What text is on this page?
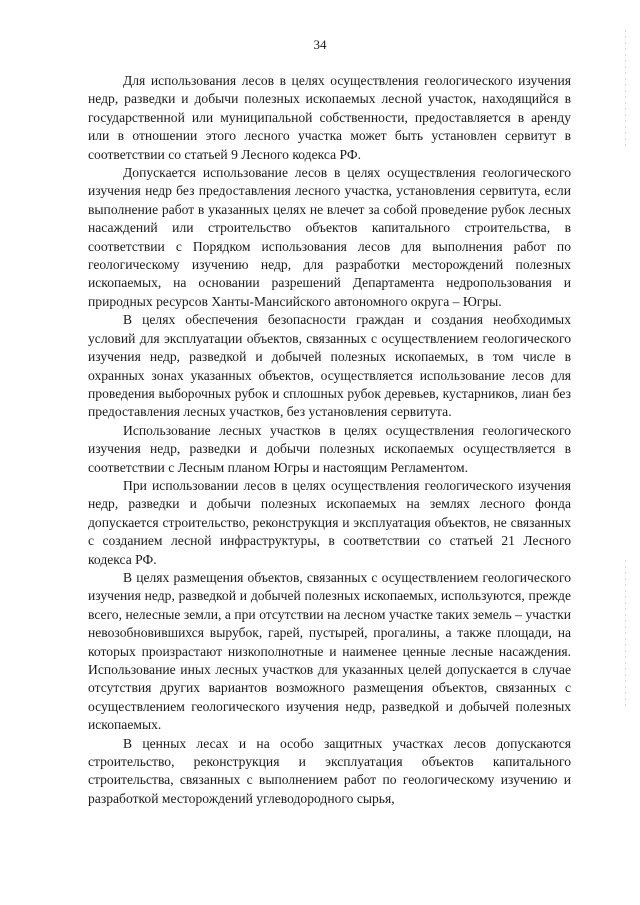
34

Для использования лесов в целях осуществления геологического изучения недр, разведки и добычи полезных ископаемых лесной участок, находящийся в государственной или муниципальной собственности, предоставляется в аренду или в отношении этого лесного участка может быть установлен сервитут в соответствии со статьей 9 Лесного кодекса РФ.

Допускается использование лесов в целях осуществления геологического изучения недр без предоставления лесного участка, установления сервитута, если выполнение работ в указанных целях не влечет за собой проведение рубок лесных насаждений или строительство объектов капитального строительства, в соответствии с Порядком использования лесов для выполнения работ по геологическому изучению недр, для разработки месторождений полезных ископаемых, на основании разрешений Департамента недропользования и природных ресурсов Ханты-Мансийского автономного округа – Югры.

В целях обеспечения безопасности граждан и создания необходимых условий для эксплуатации объектов, связанных с осуществлением геологического изучения недр, разведкой и добычей полезных ископаемых, в том числе в охранных зонах указанных объектов, осуществляется использование лесов для проведения выборочных рубок и сплошных рубок деревьев, кустарников, лиан без предоставления лесных участков, без установления сервитута.

Использование лесных участков в целях осуществления геологического изучения недр, разведки и добычи полезных ископаемых осуществляется в соответствии с Лесным планом Югры и настоящим Регламентом.

При использовании лесов в целях осуществления геологического изучения недр, разведки и добычи полезных ископаемых на землях лесного фонда допускается строительство, реконструкция и эксплуатация объектов, не связанных с созданием лесной инфраструктуры, в соответствии со статьей 21 Лесного кодекса РФ.

В целях размещения объектов, связанных с осуществлением геологического изучения недр, разведкой и добычей полезных ископаемых, используются, прежде всего, нелесные земли, а при отсутствии на лесном участке таких земель – участки невозобновившихся вырубок, гарей, пустырей, прогалины, а также площади, на которых произрастают низкополнотные и наименее ценные лесные насаждения. Использование иных лесных участков для указанных целей допускается в случае отсутствия других вариантов возможного размещения объектов, связанных с осуществлением геологического изучения недр, разведкой и добычей полезных ископаемых.

В ценных лесах и на особо защитных участках лесов допускаются строительство, реконструкция и эксплуатация объектов капитального строительства, связанных с выполнением работ по геологическому изучению и разработкой месторождений углеводородного сырья,
